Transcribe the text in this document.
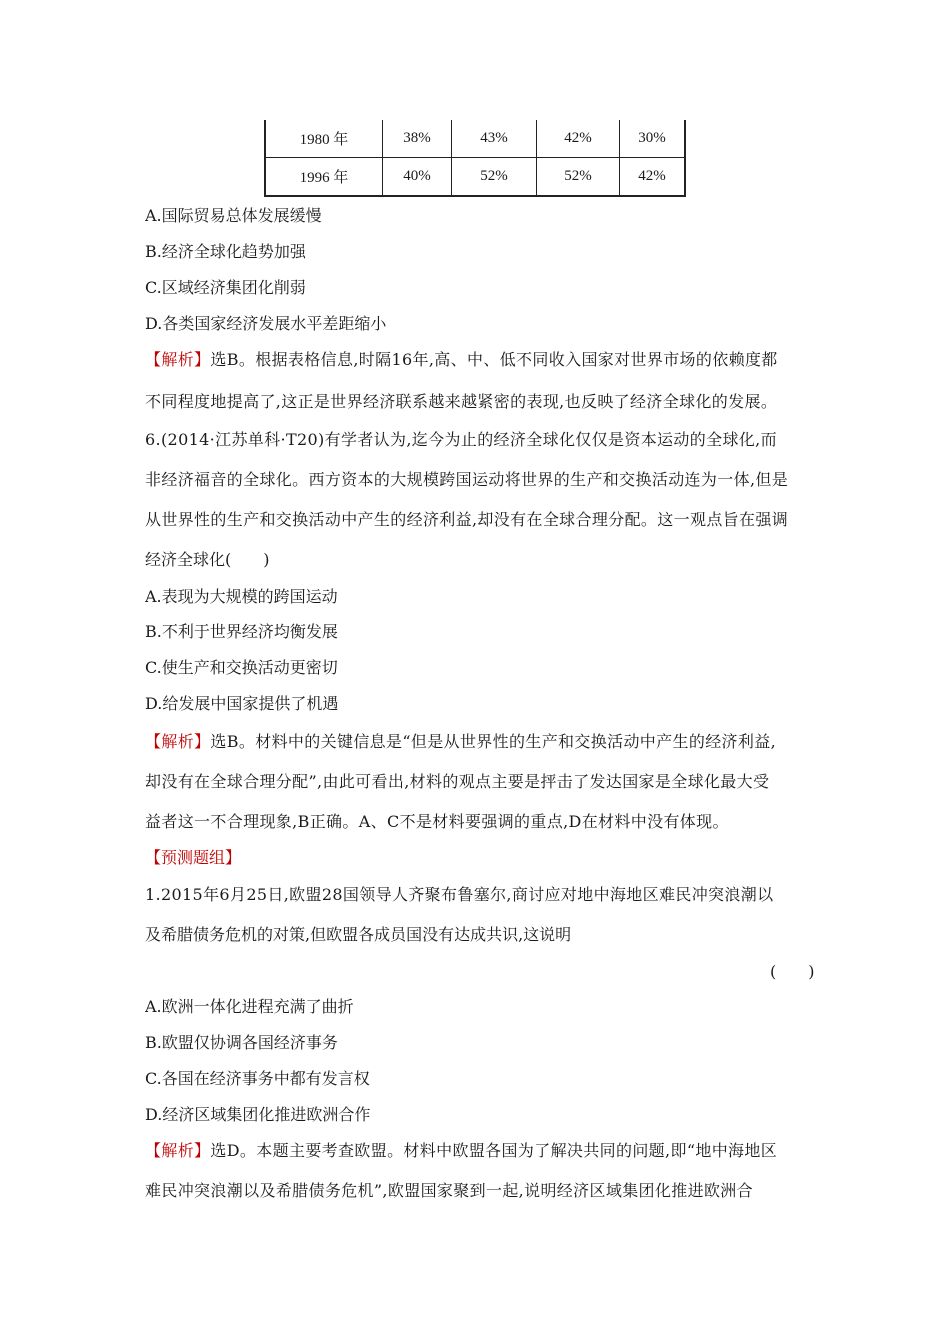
1980 年	38%	43%	42%	30%
1996 年	40%	52%	52%	42%
A.国际贸易总体发展缓慢
B.经济全球化趋势加强
C.区域经济集团化削弱
D.各类国家经济发展水平差距缩小
【解析】选B。根据表格信息,时隔16年,高、中、低不同收入国家对世界市场的依赖度都
不同程度地提高了,这正是世界经济联系越来越紧密的表现,也反映了经济全球化的发展。
6.(2014·江苏单科·T20)有学者认为,迄今为止的经济全球化仅仅是资本运动的全球化,而
非经济福音的全球化。西方资本的大规模跨国运动将世界的生产和交换活动连为一体,但是
从世界性的生产和交换活动中产生的经济利益,却没有在全球合理分配。这一观点旨在强调
经济全球化(　　)
A.表现为大规模的跨国运动
B.不利于世界经济均衡发展
C.使生产和交换活动更密切
D.给发展中国家提供了机遇
【解析】选B。材料中的关键信息是“但是从世界性的生产和交换活动中产生的经济利益,
却没有在全球合理分配”,由此可看出,材料的观点主要是抨击了发达国家是全球化最大受
益者这一不合理现象,B正确。A、C不是材料要强调的重点,D在材料中没有体现。
【预测题组】
1.2015年6月25日,欧盟28国领导人齐聚布鲁塞尔,商讨应对地中海地区难民冲突浪潮以
及希腊债务危机的对策,但欧盟各成员国没有达成共识,这说明
(　　)
A.欧洲一体化进程充满了曲折
B.欧盟仅协调各国经济事务
C.各国在经济事务中都有发言权
D.经济区域集团化推进欧洲合作
【解析】选D。本题主要考查欧盟。材料中欧盟各国为了解决共同的问题,即“地中海地区
难民冲突浪潮以及希腊债务危机”,欧盟国家聚到一起,说明经济区域集团化推进欧洲合
